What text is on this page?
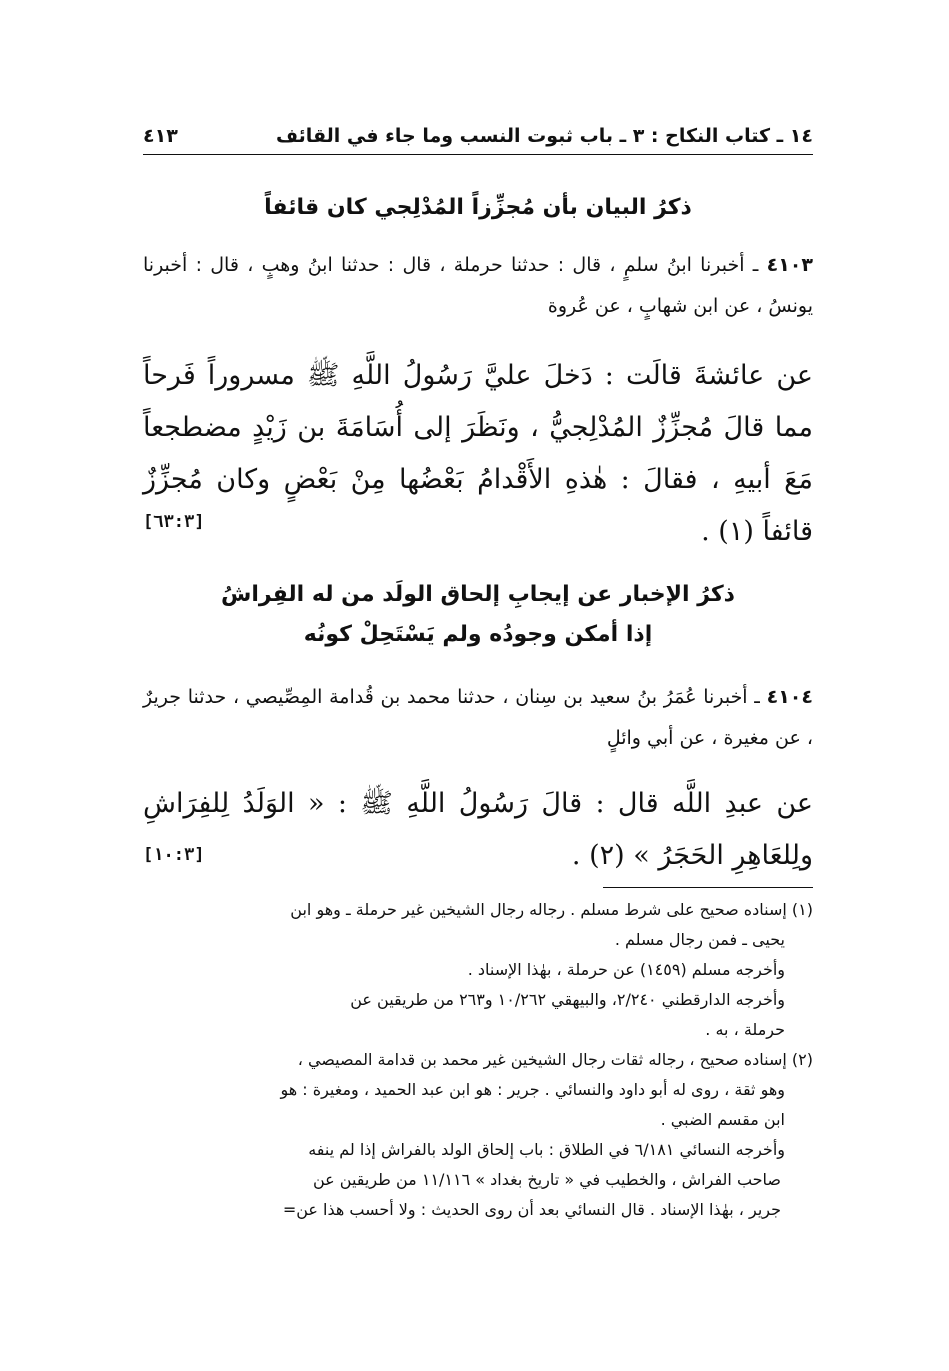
١٤ ـ كتاب النكاح : ٣ ـ باب ثبوت النسب وما جاء في القائف
٤١٣
ذكرُ البيان بأن مُجزِّزاً المُدْلِجي كان قائفاً
٤١٠٣ ـ أخبرنا ابنُ سلمٍ ، قال : حدثنا حرملة ، قال : حدثنا ابنُ وهبٍ ، قال : أخبرنا يونسُ ، عن ابن شهابٍ ، عن عُروة
عن عائشةَ قالَت : دَخلَ عليَّ رَسُولُ اللَّهِ ﷺ مسروراً فَرحاً مما قالَ مُجزِّزٌ المُدْلِجيُّ ، ونَظَرَ إلى أُسَامَةَ بن زَيْدٍ مضطجعاً مَعَ أبيهِ ، فقالَ : هٰذهِ الأَقْدامُ بَعْضُها مِنْ بَعْضٍ وكان مُجزِّزٌ قائفاً (١) .
[٦٣:٣]
ذكرُ الإخبار عن إيجابِ إلحاق الولَد من له الفِراشُ
إذا أمكن وجودُه ولم يَسْتَحِلْ كونُه
٤١٠٤ ـ أخبرنا عُمَرُ بنُ سعيد بن سِنان ، حدثنا محمد بن قُدامة المِصِّيصي ، حدثنا جريرٌ ، عن مغيرة ، عن أبي وائلٍ
عن عبدِ اللَّه قال : قالَ رَسُولُ اللَّهِ ﷺ : « الوَلَدُ لِلفِرَاشِ ولِلعَاهِرِ الحَجَرُ » (٢) .
[١٠:٣]
(١) إسناده صحيح على شرط مسلم . رجاله رجال الشيخين غير حرملة ـ وهو ابن
يحيى ـ فمن رجال مسلم .
وأخرجه مسلم (١٤٥٩) عن حرملة ، بهٰذا الإسناد .
وأخرجه الدارقطني ٢/٢٤٠، والبيهقي ١٠/٢٦٢ و٢٦٣ من طريقين عن
حرملة ، به .
(٢) إسناده صحيح ، رجاله ثقات رجال الشيخين غير محمد بن قدامة المصيصي ،
وهو ثقة ، روى له أبو داود والنسائي . جرير : هو ابن عبد الحميد ، ومغيرة : هو
ابن مقسم الضبي .
وأخرجه النسائي ٦/١٨١ في الطلاق : باب إلحاق الولد بالفراش إذا لم ينفه
صاحب الفراش ، والخطيب في « تاريخ بغداد » ١١/١١٦ من طريقين عن
جرير ، بهٰذا الإسناد . قال النسائي بعد أن روى الحديث : ولا أحسب هذا عن=
